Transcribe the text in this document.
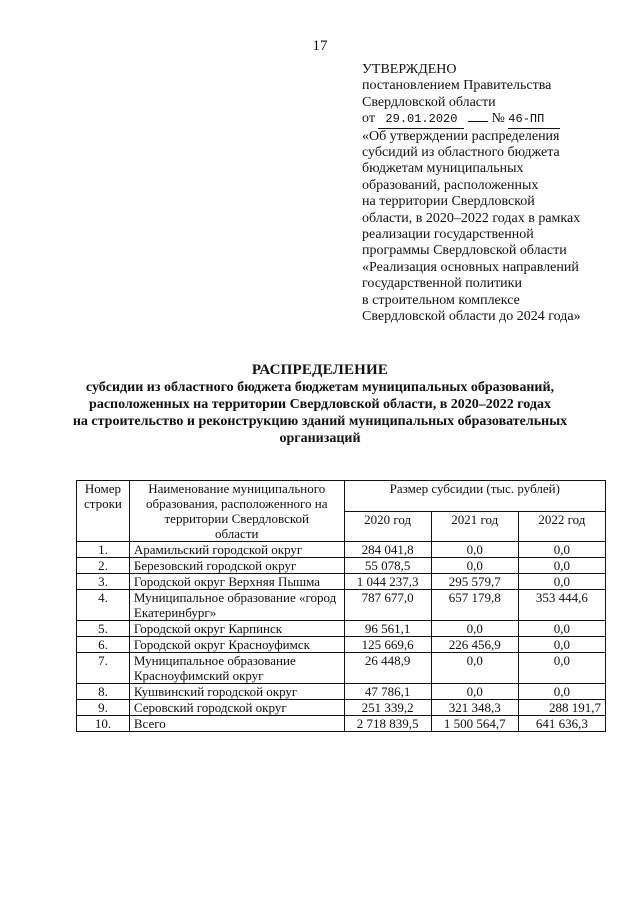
17
УТВЕРЖДЕНО
постановлением Правительства
Свердловской области
от 29.01.2020 № 46-ПП
«Об утверждении распределения
субсидий из областного бюджета
бюджетам муниципальных
образований, расположенных
на территории Свердловской
области, в 2020–2022 годах в рамках
реализации государственной
программы Свердловской области
«Реализация основных направлений
государственной политики
в строительном комплексе
Свердловской области до 2024 года»
РАСПРЕДЕЛЕНИЕ
субсидии из областного бюджета бюджетам муниципальных образований,
расположенных на территории Свердловской области, в 2020–2022 годах
на строительство и реконструкцию зданий муниципальных образовательных
организаций
Номер строки	Наименование муниципального образования, расположенного на территории Свердловской области	Размер субсидии (тыс. рублей)		
		2020 год	2021 год	2022 год
1.	Арамильский городской округ	284 041,8	0,0	0,0
2.	Березовский городской округ	55 078,5	0,0	0,0
3.	Городской округ Верхняя Пышма	1 044 237,3	295 579,7	0,0
4.	Муниципальное образование «город Екатеринбург»	787 677,0	657 179,8	353 444,6
5.	Городской округ Карпинск	96 561,1	0,0	0,0
6.	Городской округ Красноуфимск	125 669,6	226 456,9	0,0
7.	Муниципальное образование Красноуфимский округ	26 448,9	0,0	0,0
8.	Кушвинский городской округ	47 786,1	0,0	0,0
9.	Серовский городской округ	251 339,2	321 348,3	288 191,7
10.	Всего	2 718 839,5	1 500 564,7	641 636,3
